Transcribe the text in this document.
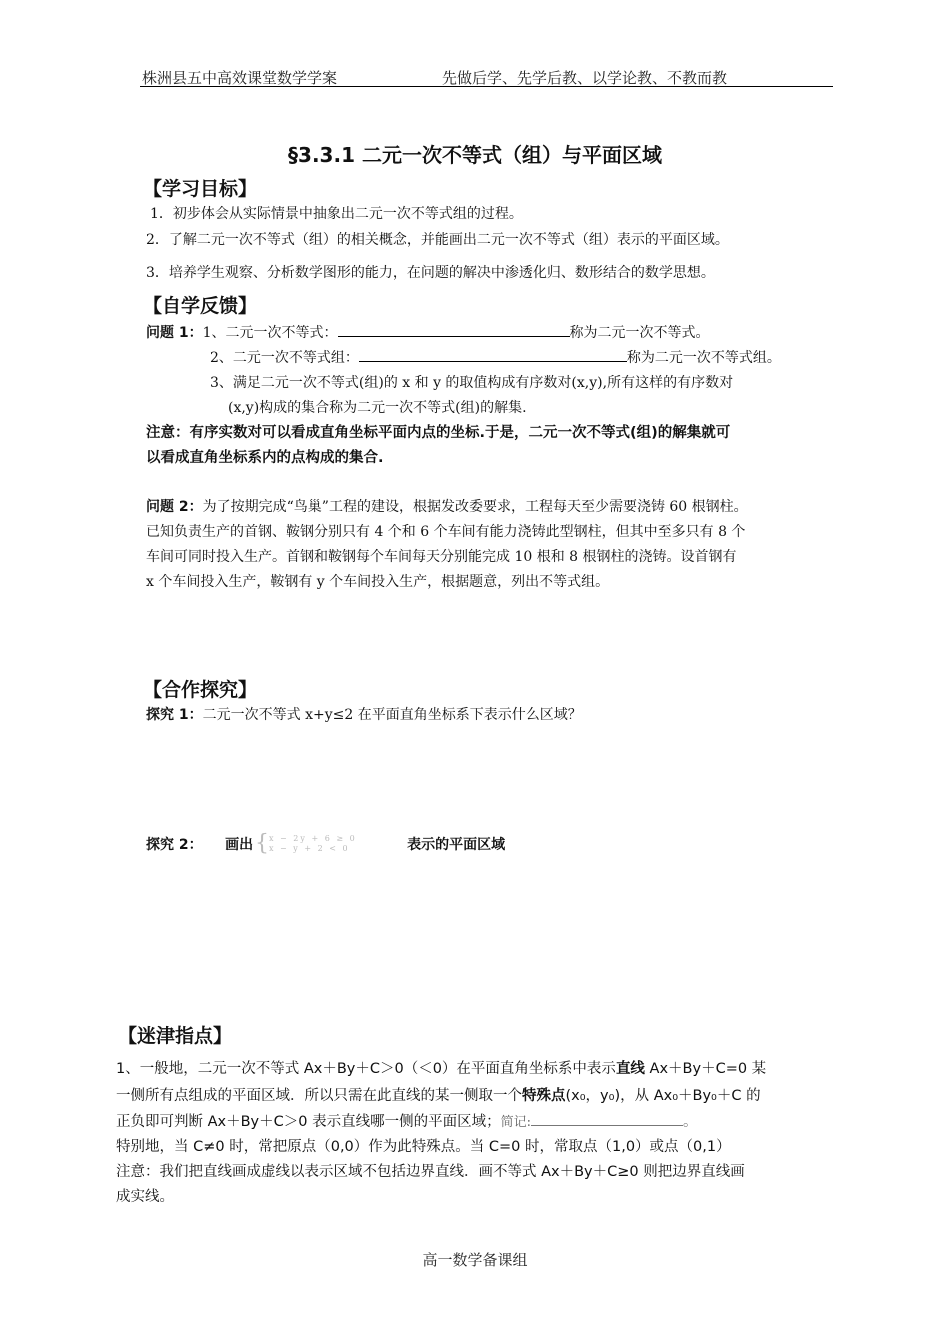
株洲县五中高效课堂数学学案	先做后学、先学后教、以学论教、不教而教
§3.3.1 二元一次不等式（组）与平面区域
【学习目标】
1．初步体会从实际情景中抽象出二元一次不等式组的过程。
2．了解二元一次不等式（组）的相关概念，并能画出二元一次不等式（组）表示的平面区域。
3．培养学生观察、分析数学图形的能力，在问题的解决中渗透化归、数形结合的数学思想。
【自学反馈】
问题 1：1、二元一次不等式：	称为二元一次不等式。
2、二元一次不等式组：	称为二元一次不等式组。
3、满足二元一次不等式(组)的 x 和 y 的取值构成有序数对(x,y),所有这样的有序数对
(x,y)构成的集合称为二元一次不等式(组)的解集.
注意：有序实数对可以看成直角坐标平面内点的坐标.于是，二元一次不等式(组)的解集就可
以看成直角坐标系内的点构成的集合.
问题 2：为了按期完成“鸟巢”工程的建设，根据发改委要求，工程每天至少需要浇铸 60 根钢柱。
已知负责生产的首钢、鞍钢分别只有 4 个和 6 个车间有能力浇铸此型钢柱，但其中至多只有 8 个
车间可同时投入生产。首钢和鞍钢每个车间每天分别能完成 10 根和 8 根钢柱的浇铸。设首钢有
x 个车间投入生产，鞍钢有 y 个车间投入生产，根据题意，列出不等式组。
【合作探究】
探究 1：二元一次不等式 x+y≤2 在平面直角坐标系下表示什么区域？
探究 2： 画出 { x − 2y + 6 ≥ 0
x − y + 2 < 0	表示的平面区域
【迷津指点】
1、一般地，二元一次不等式 Ax＋By＋C＞0（＜0）在平面直角坐标系中表示直线 Ax＋By＋C=0 某
一侧所有点组成的平面区域．所以只需在此直线的某一侧取一个特殊点(x₀，y₀)，从 Ax₀＋By₀＋C 的
正负即可判断 Ax＋By＋C＞0 表示直线哪一侧的平面区域；简记:	。
特别地，当 C≠0 时，常把原点（0,0）作为此特殊点。当 C=0 时，常取点（1,0）或点（0,1）
注意：我们把直线画成虚线以表示区域不包括边界直线．画不等式 Ax＋By＋C≥0 则把边界直线画
成实线。
高一数学备课组
